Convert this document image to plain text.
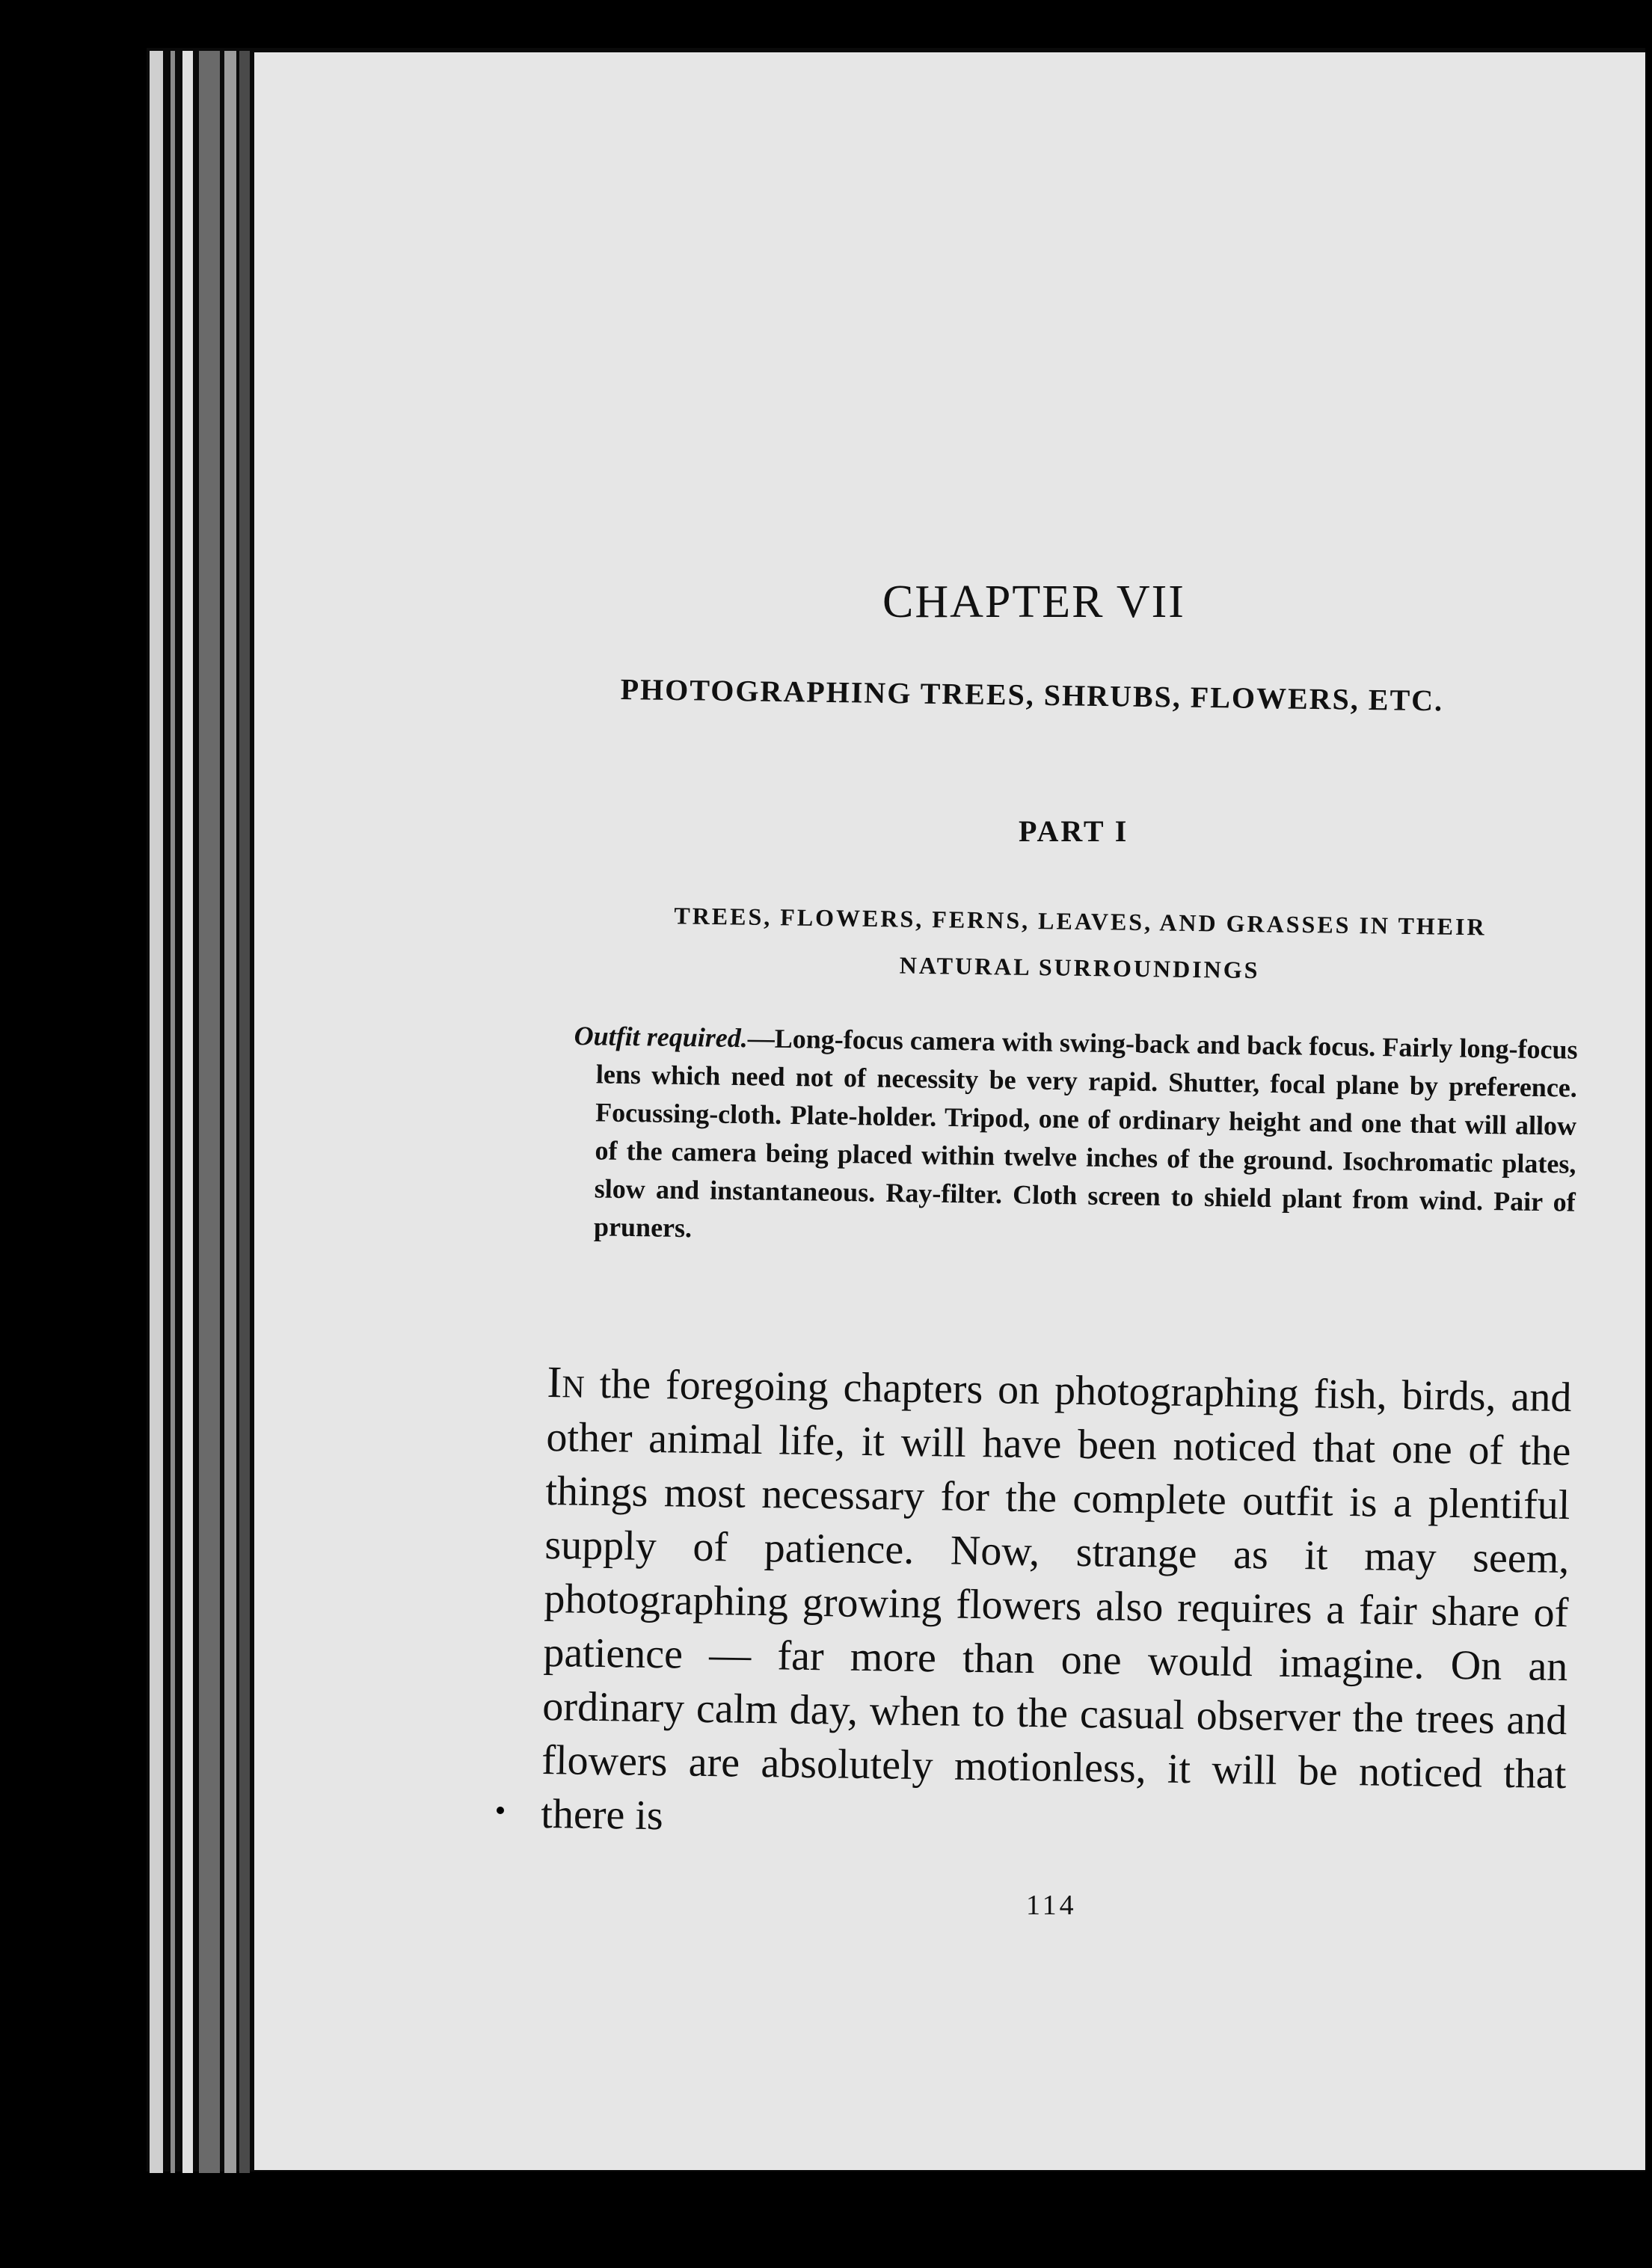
CHAPTER VII
PHOTOGRAPHING TREES, SHRUBS, FLOWERS, ETC.
PART I
TREES, FLOWERS, FERNS, LEAVES, AND GRASSES IN THEIR NATURAL SURROUNDINGS
Outfit required.—Long-focus camera with swing-back and back focus. Fairly long-focus lens which need not of necessity be very rapid. Shutter, focal plane by preference. Focussing-cloth. Plate-holder. Tripod, one of ordinary height and one that will allow of the camera being placed within twelve inches of the ground. Isochromatic plates, slow and instantaneous. Ray-filter. Cloth screen to shield plant from wind. Pair of pruners.
In the foregoing chapters on photographing fish, birds, and other animal life, it will have been noticed that one of the things most necessary for the complete outfit is a plentiful supply of patience. Now, strange as it may seem, photographing growing flowers also requires a fair share of patience — far more than one would imagine. On an ordinary calm day, when to the casual observer the trees and flowers are absolutely motionless, it will be noticed that there is
114
